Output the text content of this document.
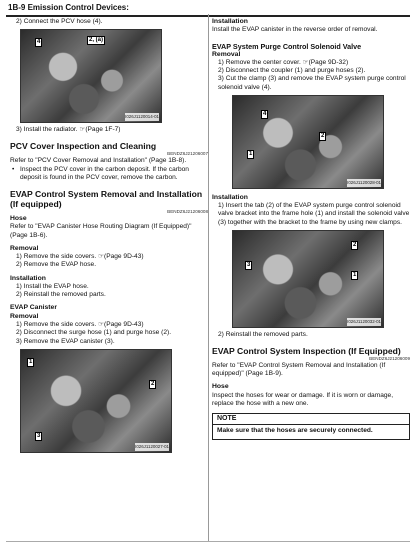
1B-9 Emission Control Devices:

2) Connect the PCV hose (4).

4	2, (a)
I026J1120014-01

3) Install the radiator. ☞(Page 1F-7)

PCV Cover Inspection and Cleaning

BENDZ6J21206007

Refer to "PCV Cover Removal and Installation" (Page 1B-8).

• Inspect the PCV cover in the carbon deposit. If the carbon deposit is found in the PCV cover, remove the carbon.

EVAP Control System Removal and Installation (If equipped)

BENDZ6J21206008

Hose

Refer to "EVAP Canister Hose Routing Diagram (If Equipped)" (Page 1B-6).

Removal

1) Remove the side covers. ☞(Page 9D-43)

2) Remove the EVAP hose.

Installation

1) Install the EVAP hose.

2) Reinstall the removed parts.

EVAP Canister

Removal

1) Remove the side covers. ☞(Page 9D-43)

2) Disconnect the surge hose (1) and purge hose (2).

3) Remove the EVAP canister (3).

1
2
3
I026J1120027-01

Installation

Install the EVAP canister in the reverse order of removal.

EVAP System Purge Control Solenoid Valve

Removal

1) Remove the center cover. ☞(Page 9D-32)

2) Disconnect the coupler (1) and purge hoses (2).

3) Cut the clamp (3) and remove the EVAP system purge control solenoid valve (4).

4
2
1
I026J1120028-01

Installation

1) Insert the tab (2) of the EVAP system purge control solenoid valve bracket into the frame hole (1) and install the solenoid valve (3) together with the bracket to the frame by using new clamps.

2
3
1
I026J1120032-01

2) Reinstall the removed parts.

EVAP Control System Inspection (If Equipped)

BENDZ6J21206009

Refer to "EVAP Control System Removal and Installation (If equipped)" (Page 1B-9).

Hose

Inspect the hoses for wear or damage. If it is worn or damage, replace the hose with a new one.

NOTE
Make sure that the hoses are securely connected.
